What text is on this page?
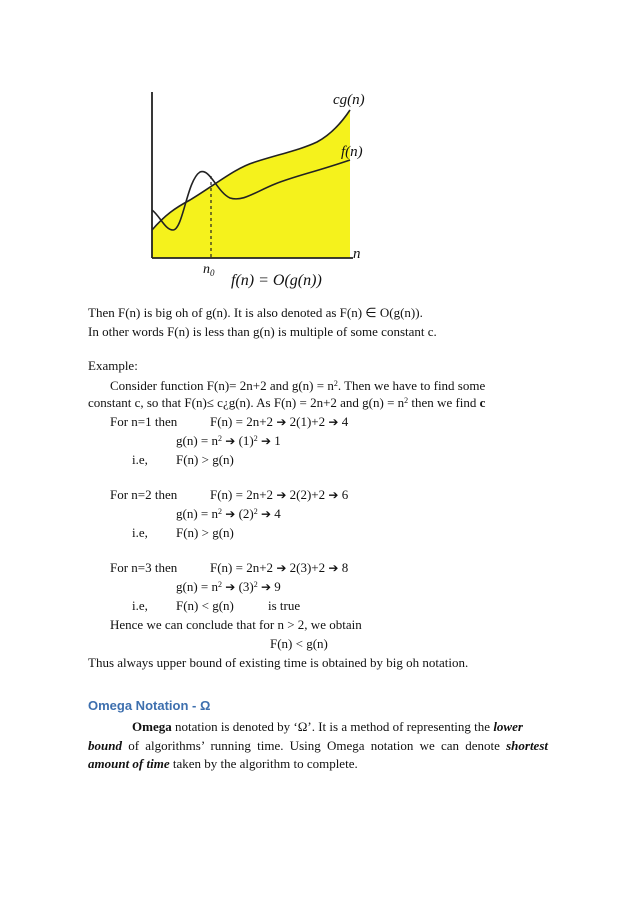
cg(n)
f(n)
n
$n_0$ f(n) = O(g(n))
Then F(n) is big oh of g(n). It is also denoted as F(n) ∈ O(g(n)).
In other words F(n) is less than g(n) is multiple of some constant c.
Example:
Consider function F(n)= 2n+2 and $g(n) = n^2$. Then we have to find some
constant c, so that F(n)≤ c¿g(n). As F(n) = 2n+2 and $g(n) = n^2$ then we find c
For n=1 then	F(n) = 2n+2 ➔ 2(1)+2 ➔ 4
$g(n) = n^2$ ➔ $(1)^2$ ➔ 1
i.e, F(n) > g(n)
For n=2 then	F(n) = 2n+2 ➔ 2(2)+2 ➔ 6
$g(n) = n^2$ ➔ $(2)^2$ ➔ 4
i.e, F(n) > g(n)
For n=3 then	F(n) = 2n+2 ➔ 2(3)+2 ➔ 8
$g(n) = n^2$ ➔ $(3)^2$ ➔ 9
i.e, F(n) < g(n)	is true
Hence we can conclude that for n > 2, we obtain
F(n) < g(n)
Thus always upper bound of existing time is obtained by big oh notation.
Omega Notation - Ω
Omega notation is denoted by ‘Ω’. It is a method of representing the lower
bound of algorithms’ running time. Using Omega notation we can denote shortest
amount of time taken by the algorithm to complete.
